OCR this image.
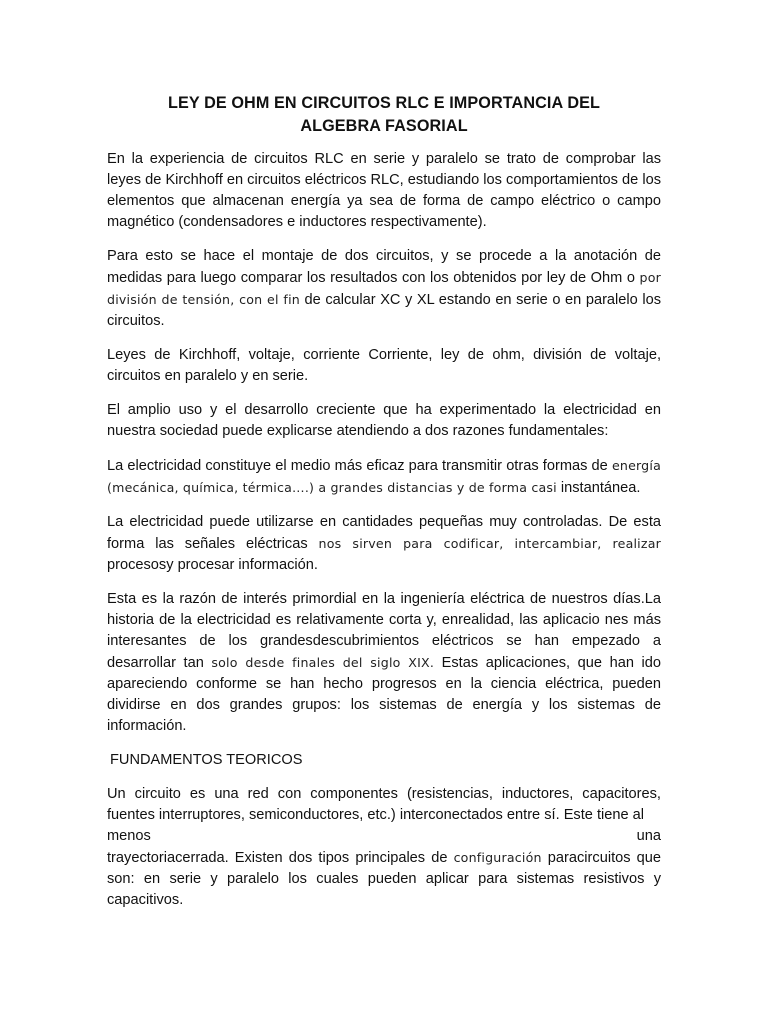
LEY DE OHM EN CIRCUITOS RLC E IMPORTANCIA DEL
ALGEBRA FASORIAL

En la experiencia de circuitos RLC en serie y paralelo se trato de comprobar las leyes de Kirchhoff en circuitos eléctricos RLC, estudiando los comportamientos de los elementos que almacenan energía ya sea de forma de campo eléctrico o campo magnético (condensadores e inductores respectivamente).

Para esto se hace el montaje de dos circuitos, y se procede a la anotación de medidas para luego comparar los resultados con los obtenidos por ley de Ohm o por división de tensión, con el fin de calcular XC y XL estando en serie o en paralelo los circuitos.

Leyes de Kirchhoff, voltaje, corriente Corriente, ley de ohm, división de voltaje, circuitos en paralelo y en serie.

El amplio uso y el desarrollo creciente que ha experimentado la electricidad en nuestra sociedad puede explicarse atendiendo a dos razones fundamentales:

La electricidad constituye el medio más eficaz para transmitir otras formas de energía (mecánica, química, térmica….) a grandes distancias y de forma casi instantánea.

La electricidad puede utilizarse en cantidades pequeñas muy controladas. De esta forma las señales eléctricas nos sirven para codificar, intercambiar, realizar procesosy procesar información.

Esta es la razón de interés primordial en la ingeniería eléctrica de nuestros días.La historia de la electricidad es relativamente corta y, enrealidad, las aplicacio nes más interesantes de los grandesdescubrimientos eléctricos se han empezado a desarrollar tan solo desde finales del siglo XIX. Estas aplicaciones, que han ido apareciendo conforme se han hecho progresos en la ciencia eléctrica, pueden dividirse en dos grandes grupos: los sistemas de energía y los sistemas de información.

FUNDAMENTOS TEORICOS

Un circuito es una red con componentes (resistencias, inductores, capacitores, fuentes interruptores, semiconductores, etc.) interconectados entre sí. Este tiene al
menos	una
trayectoriacerrada. Existen dos tipos principales de configuración paracircuitos que son: en serie y paralelo los cuales pueden aplicar para sistemas resistivos y capacitivos.
